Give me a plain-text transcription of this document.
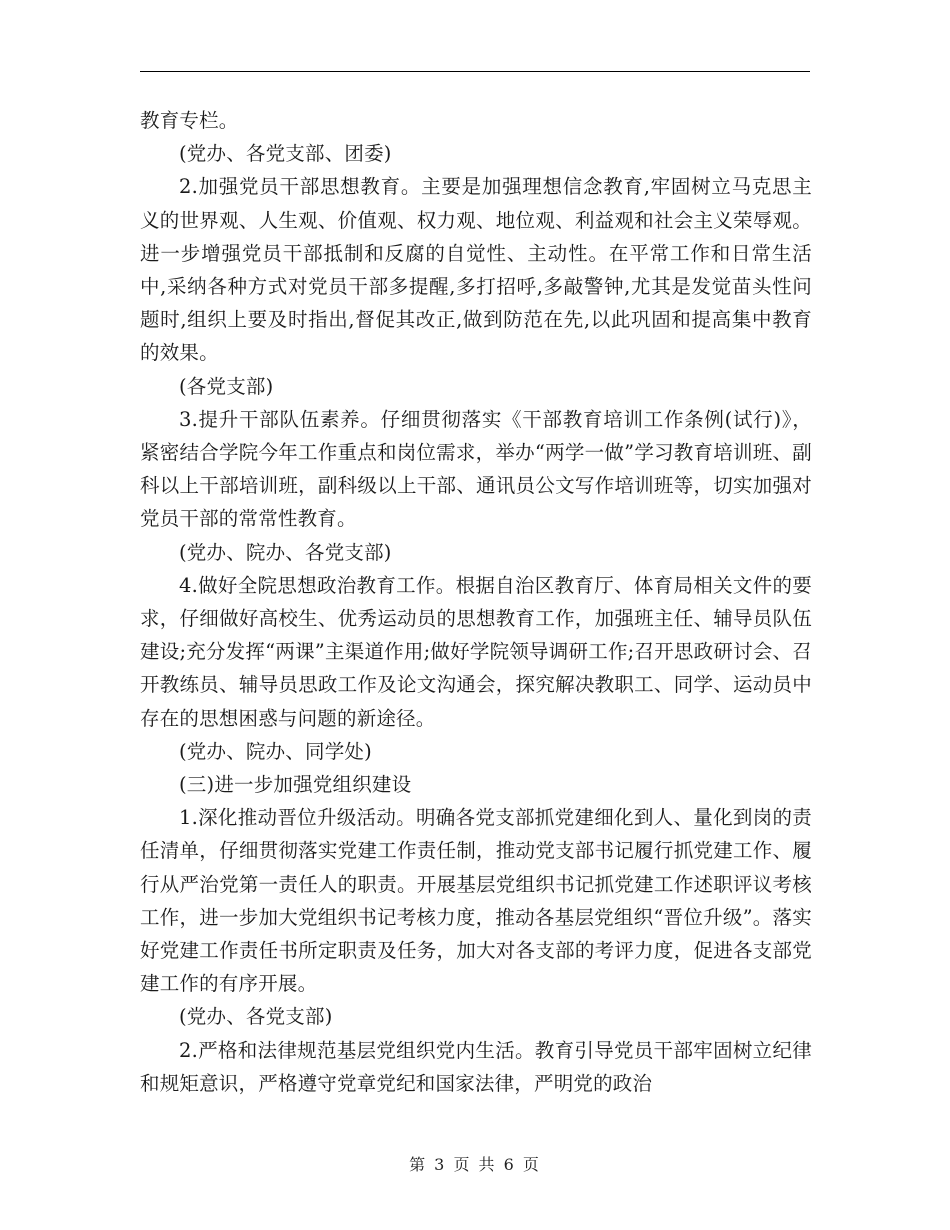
教育专栏。

(党办、各党支部、团委)

2.加强党员干部思想教育。主要是加强理想信念教育,牢固树立马克思主义的世界观、人生观、价值观、权力观、地位观、利益观和社会主义荣辱观。进一步增强党员干部抵制和反腐的自觉性、主动性。在平常工作和日常生活中,采纳各种方式对党员干部多提醒,多打招呼,多敲警钟,尤其是发觉苗头性问题时,组织上要及时指出,督促其改正,做到防范在先,以此巩固和提高集中教育的效果。

(各党支部)

3.提升干部队伍素养。仔细贯彻落实《干部教育培训工作条例(试行)》，紧密结合学院今年工作重点和岗位需求，举办“两学一做”学习教育培训班、副科以上干部培训班，副科级以上干部、通讯员公文写作培训班等，切实加强对党员干部的常常性教育。

(党办、院办、各党支部)

4.做好全院思想政治教育工作。根据自治区教育厅、体育局相关文件的要求，仔细做好高校生、优秀运动员的思想教育工作，加强班主任、辅导员队伍建设;充分发挥“两课”主渠道作用;做好学院领导调研工作;召开思政研讨会、召开教练员、辅导员思政工作及论文沟通会，探究解决教职工、同学、运动员中存在的思想困惑与问题的新途径。

(党办、院办、同学处)

(三)进一步加强党组织建设

1.深化推动晋位升级活动。明确各党支部抓党建细化到人、量化到岗的责任清单，仔细贯彻落实党建工作责任制，推动党支部书记履行抓党建工作、履行从严治党第一责任人的职责。开展基层党组织书记抓党建工作述职评议考核工作，进一步加大党组织书记考核力度，推动各基层党组织“晋位升级”。落实好党建工作责任书所定职责及任务，加大对各支部的考评力度，促进各支部党建工作的有序开展。

(党办、各党支部)

2.严格和法律规范基层党组织党内生活。教育引导党员干部牢固树立纪律和规矩意识，严格遵守党章党纪和国家法律，严明党的政治

第 3 页 共 6 页
